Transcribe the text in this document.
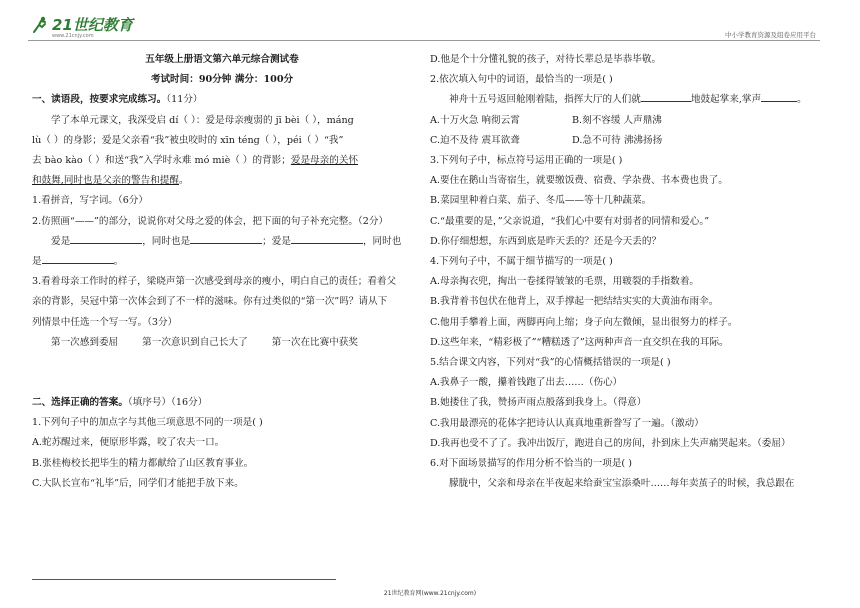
21世纪教育
www.21cnjy.com	中小学教育资源及组卷应用平台
五年级上册语文第六单元综合测试卷
考试时间：90分钟 满分：100分
一、读语段，按要求完成练习。（11分）
学了本单元课文，我深受启 dí（ ）：爱是母亲瘦弱的 jī bèi（ ），máng
lù（ ）的身影；爱是父亲看“我”被虫咬时的 xīn téng（ ），péi（ ）“我”
去 bào kào（ ）和送“我”入学时永难 mó miè（ ）的背影；爱是母亲的关怀
和鼓舞,同时也是父亲的警告和提醒。
1.看拼音，写字词。（6分）
2.仿照画“——”的部分，说说你对父母之爱的体会，把下面的句子补充完整。（2分）
爱是	，同时也是	；爱是	，同时也
是	。
3.看着母亲工作时的样子，梁晓声第一次感受到母亲的瘦小，明白自己的责任；看着父
亲的背影，吴冠中第一次体会到了不一样的滋味。你有过类似的“第一次”吗？请从下
列情景中任选一个写一写。（3分）
第一次感到委屈	第一次意识到自己长大了	第一次在比赛中获奖
二、选择正确的答案。（填序号）（16分）
1.下列句子中的加点字与其他三项意思不同的一项是( )
A.蛇苏醒过来，便原形毕露，咬了农夫一口。
B.张桂梅校长把毕生的精力都献给了山区教育事业。
C.大队长宣布“礼毕”后，同学们才能把手放下来。
D.他是个十分懂礼貌的孩子，对待长辈总是毕恭毕敬。
2.依次填入句中的词语，最恰当的一项是( )
神舟十五号返回舱刚着陆，指挥大厅的人们就	地鼓起掌来,掌声	。
A.十万火急 响彻云霄	B.刻不容缓 人声鼎沸
C.迫不及待 震耳欲聋	D.急不可待 沸沸扬扬
3.下列句子中，标点符号运用正确的一项是( )
A.要住在鹅山当寄宿生，就要缴饭费、宿费、学杂费、书本费也贵了。
B.菜园里种着白菜、茄子、冬瓜——等十几种蔬菜。
C.“最重要的是，”父亲说道，“我们心中要有对弱者的同情和爱心。”
D.你仔细想想，东西到底是昨天丢的？还是今天丢的？
4.下列句子中，不属于细节描写的一项是( )
A.母亲掏衣兜，掏出一卷揉得皱皱的毛票，用皲裂的手指数着。
B.我背着书包伏在他背上，双手撑起一把结结实实的大黄油布雨伞。
C.他用手攀着上面，两脚再向上缩；身子向左微倾，显出很努力的样子。
D.这些年来，“精彩极了”“糟糕透了”这两种声音一直交织在我的耳际。
5.结合课文内容，下列对“我”的心情概括错误的一项是( )
A.我鼻子一酸，攥着钱跑了出去……（伤心）
B.她搂住了我，赞扬声雨点般落到我身上。（得意）
C.我用最漂亮的花体字把诗认认真真地重新誊写了一遍。（激动）
D.我再也受不了了。我冲出饭厅，跑进自己的房间，扑到床上失声痛哭起来。（委屈）
6.对下面场景描写的作用分析不恰当的一项是( )
朦胧中，父亲和母亲在半夜起来给蚕宝宝添桑叶……每年卖茧子的时候，我总跟在
21世纪教育网(www.21cnjy.com)
